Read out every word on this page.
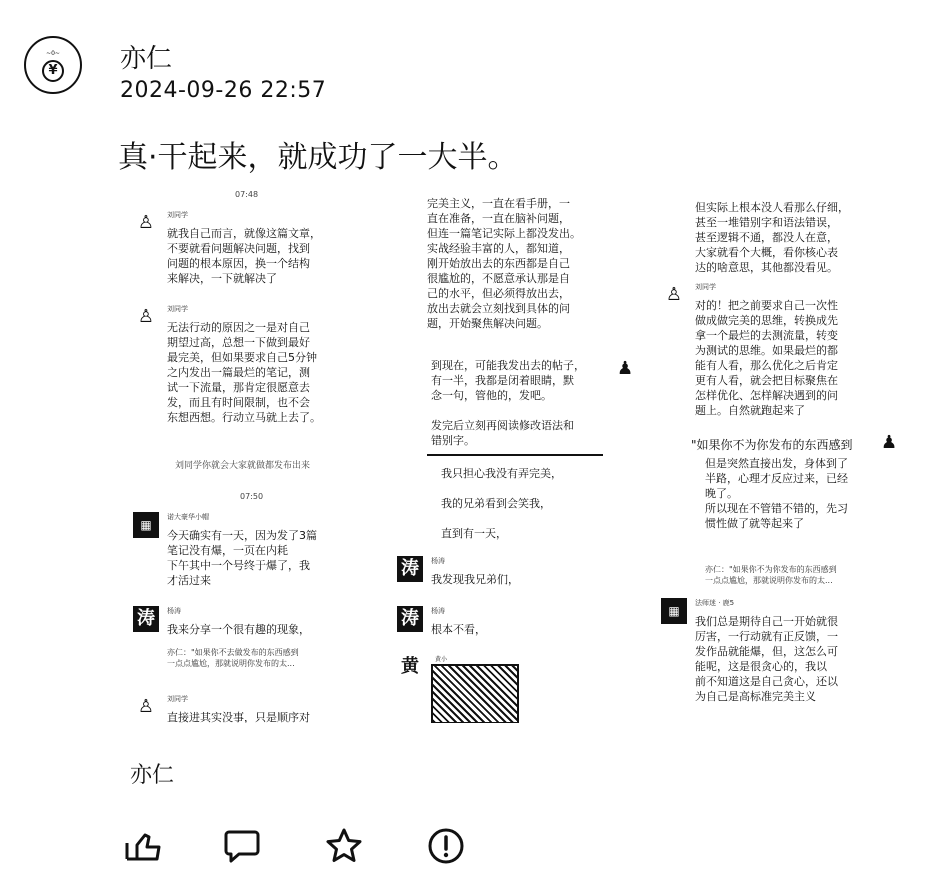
~0~
¥ 亦仁
2024-09-26 22:57
真·干起来，就成功了一大半。
07:48
♙	刘同学
就我自己而言，就像这篇文章，
不要就看问题解决问题，找到
问题的根本原因，换一个结构
来解决，一下就解决了
♙	刘同学
无法行动的原因之一是对自己
期望过高，总想一下做到最好
最完美，但如果要求自己5分钟
之内发出一篇最烂的笔记，测
试一下流量，那肯定很愿意去
发，而且有时间限制，也不会
东想西想。行动立马就上去了。
刘同学你就会大家就做都发布出来
07:50
▦
诺大豪华小帽
今天确实有一天，因为发了3篇
笔记没有爆，一页在内耗
下午其中一个号终于爆了，我
才活过来
涛	杨涛
我来分享一个很有趣的现象，
亦仁："如果你不去做发布的东西感到
一点点尴尬，那就说明你发布的太...
♙	刘同学
直接进其实没事，只是顺序对
完美主义，一直在看手册，一
直在准备，一直在脑补问题，
但连一篇笔记实际上都没发出。
实战经验丰富的人，都知道，
刚开始放出去的东西都是自己
很尴尬的，不愿意承认那是自
己的水平，但必须得放出去，
放出去就会立刻找到具体的问
题，开始聚焦解决问题。
到现在，可能我发出去的帖子，
有一半，我都是闭着眼睛，默
念一句，管他的，发吧。

发完后立刻再阅读修改语法和
错别字。
我只担心我没有弄完美，
我的兄弟看到会笑我，
直到有一天，
涛	杨涛
我发现我兄弟们，
涛	杨涛
根本不看，
黄	黄小
♟
但实际上根本没人看那么仔细，
甚至一堆错别字和语法错误，
甚至逻辑不通，都没人在意，
大家就看个大概，看你核心表
达的啥意思，其他都没看见。
♙	刘同学
对的！把之前要求自己一次性
做成做完美的思维，转换成先
拿一个最烂的去测流量，转变
为测试的思维。如果最烂的都
能有人看，那么优化之后肯定
更有人看，就会把目标聚焦在
怎样优化、怎样解决遇到的问
题上。自然就跑起来了
"如果你不为你发布的东西感到
但是突然直接出发，身体到了
半路，心理才反应过来，已经
晚了。
所以现在不管错不错的，先习
惯性做了就等起来了
亦仁："如果你不为你发布的东西感到
一点点尴尬，那就说明你发布的太...
▦
法师迷 · 鹿5
我们总是期待自己一开始就很
厉害，一行动就有正反馈，一
发作品就能爆，但，这怎么可
能呢，这是很贪心的，我以
前不知道这是自己贪心，还以
为自己是高标准完美主义
♟
亦仁
